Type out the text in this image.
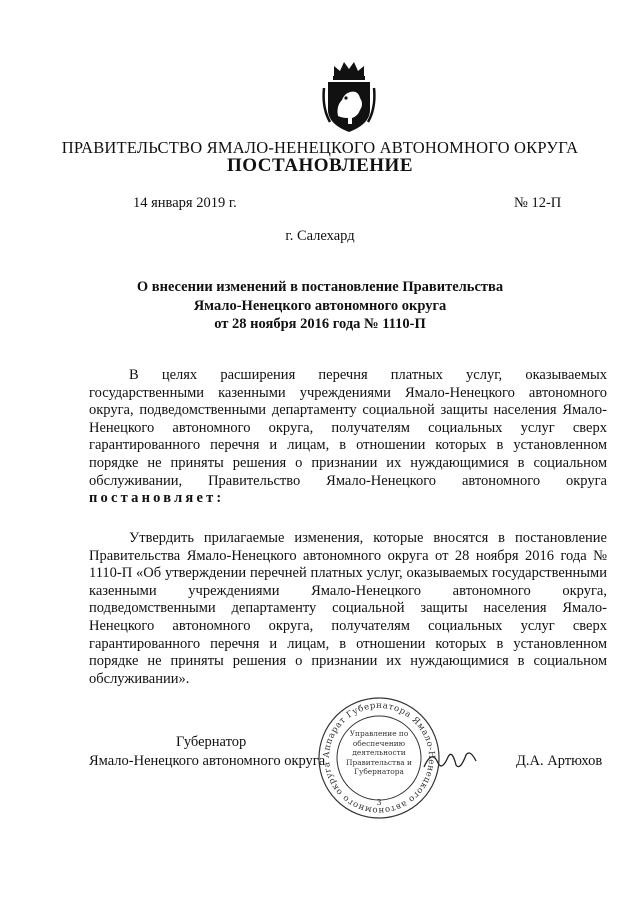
ПРАВИТЕЛЬСТВО ЯМАЛО-НЕНЕЦКОГО АВТОНОМНОГО ОКРУГА
ПОСТАНОВЛЕНИЕ
14 января 2019 г.	№ 12-П
г. Салехард
О внесении изменений в постановление Правительства
Ямало-Ненецкого автономного округа
от 28 ноября 2016 года № 1110-П
В целях расширения перечня платных услуг, оказываемых государственными казенными учреждениями Ямало-Ненецкого автономного округа, подведомственными департаменту социальной защиты населения Ямало-Ненецкого автономного округа, получателям социальных услуг сверх гарантированного перечня и лицам, в отношении которых в установленном порядке не приняты решения о признании их нуждающимися в социальном обслуживании, Правительство Ямало-Ненецкого автономного округа постановляет:
Утвердить прилагаемые изменения, которые вносятся в постановление Правительства Ямало-Ненецкого автономного округа от 28 ноября 2016 года № 1110-П «Об утверждении перечней платных услуг, оказываемых государственными казенными учреждениями Ямало-Ненецкого автономного округа, подведомственными департаменту социальной защиты населения Ямало-Ненецкого автономного округа, получателям социальных услуг сверх гарантированного перечня и лицам, в отношении которых в установленном порядке не приняты решения о признании их нуждающимися в социальном обслуживании».
Губернатор
Ямало-Ненецкого автономного округа	Д.А. Артюхов
Аппарат Губернатора Ямало-Ненецкого автономного округа
Управление по обеспечению деятельности Правительства и Губернатора
3
